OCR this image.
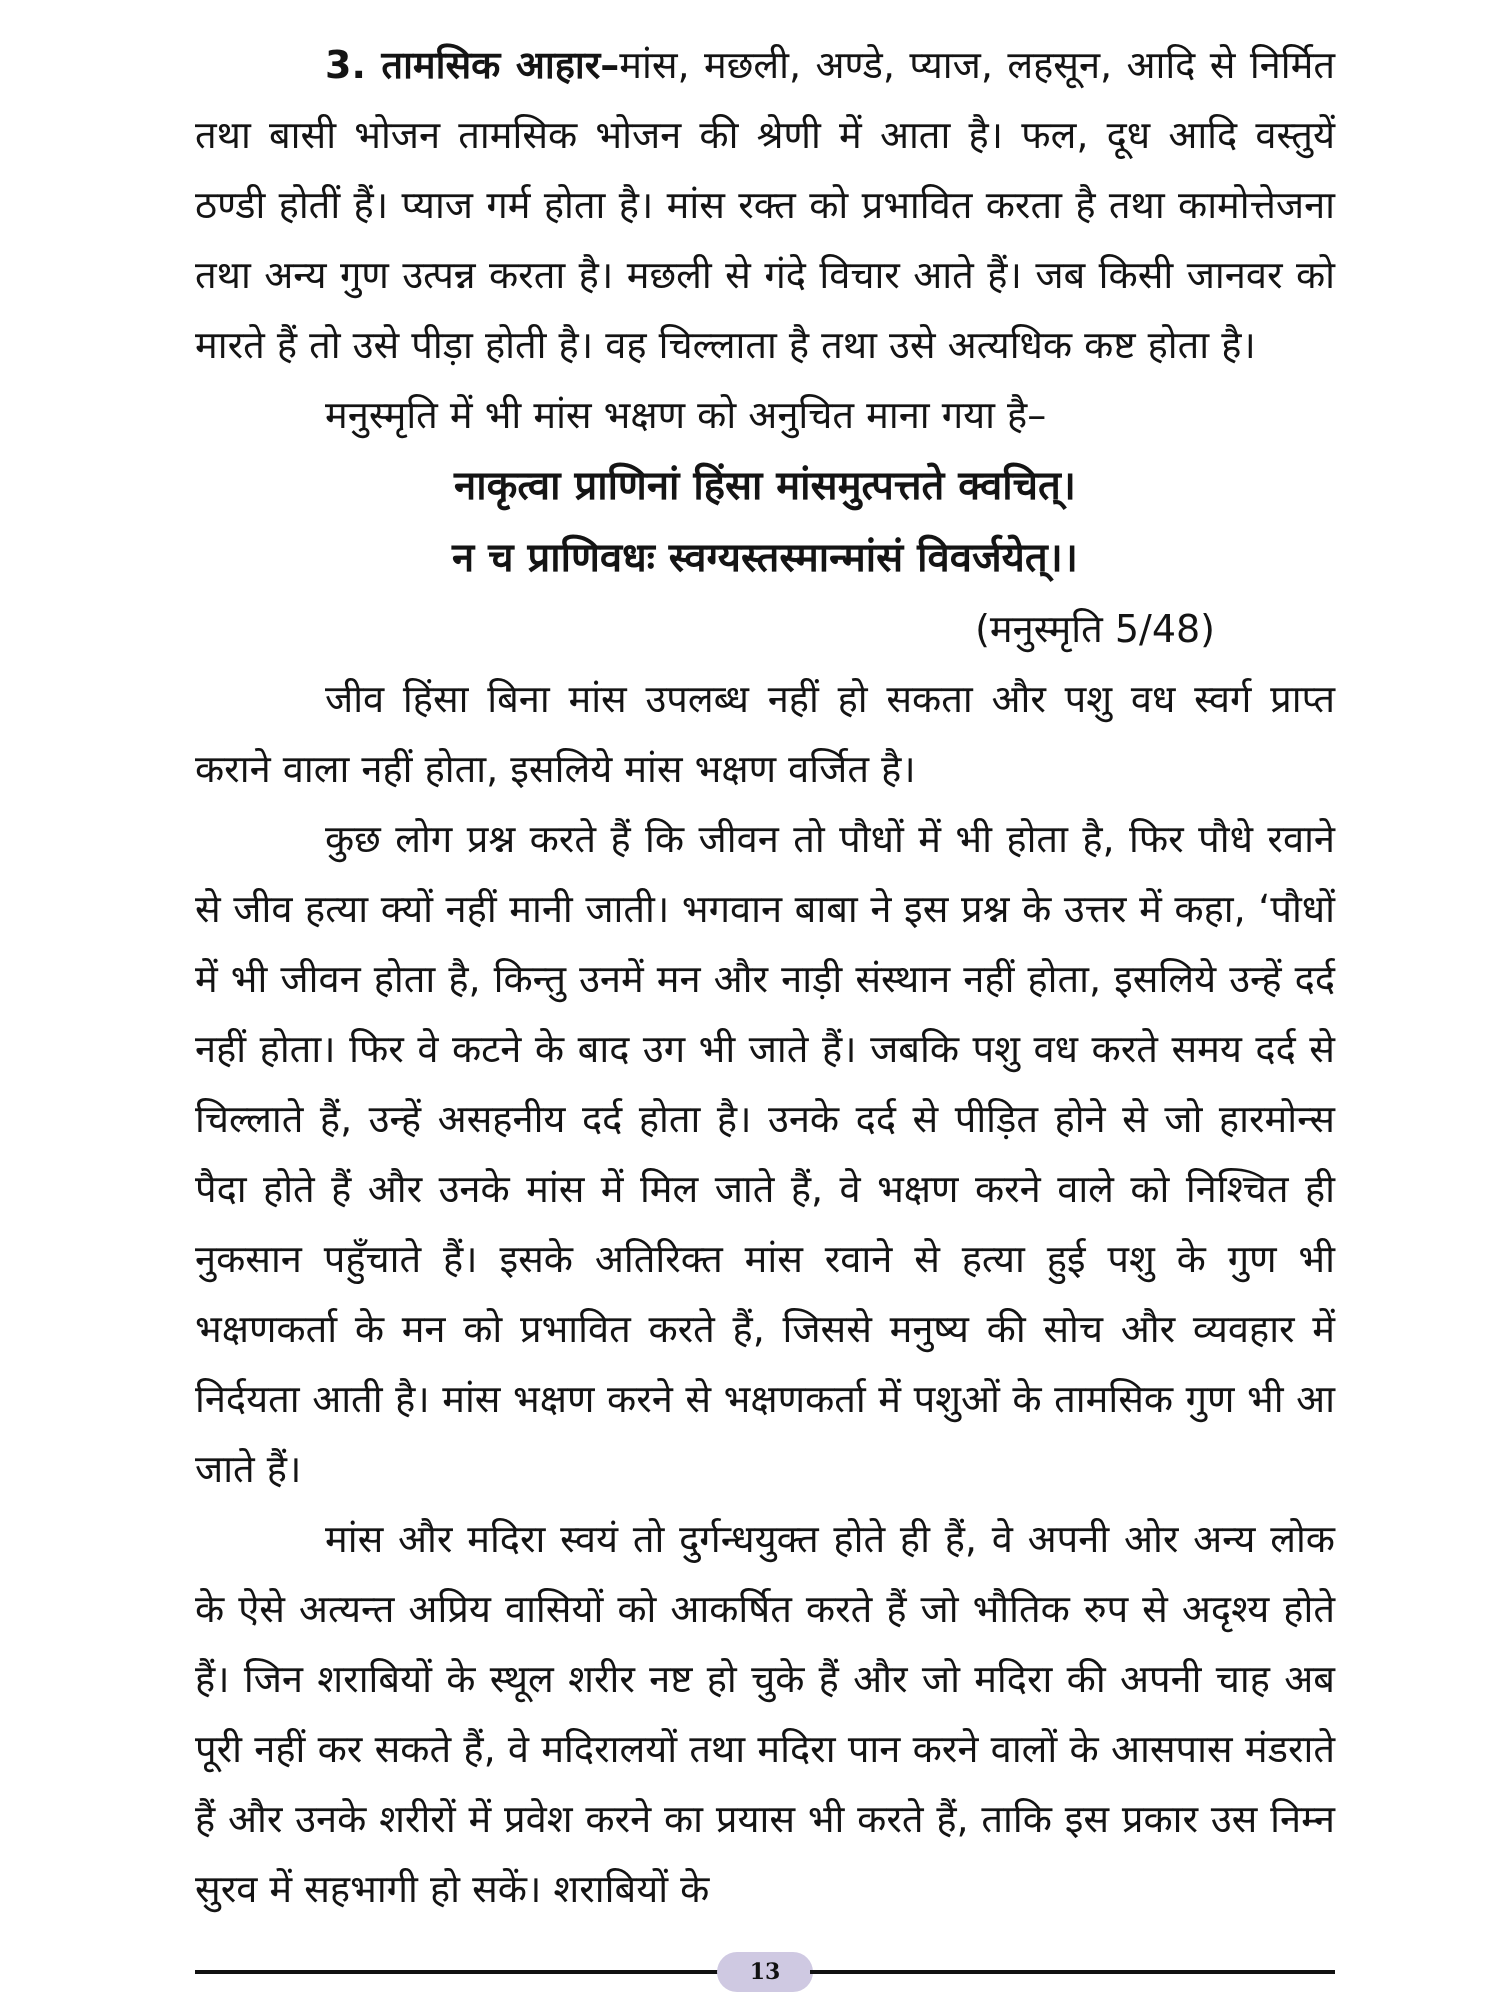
3. तामसिक आहार–मांस, मछली, अण्डे, प्याज, लहसून, आदि से निर्मित तथा बासी भोजन तामसिक भोजन की श्रेणी में आता है। फल, दूध आदि वस्तुयें ठण्डी होतीं हैं। प्याज गर्म होता है। मांस रक्त को प्रभावित करता है तथा कामोत्तेजना तथा अन्य गुण उत्पन्न करता है। मछली से गंदे विचार आते हैं। जब किसी जानवर को मारते हैं तो उसे पीड़ा होती है। वह चिल्लाता है तथा उसे अत्यधिक कष्ट होता है।

मनुस्मृति में भी मांस भक्षण को अनुचित माना गया है–

नाकृत्वा प्राणिनां हिंसा मांसमुत्पत्तते क्वचित्।

न च प्राणिवधः स्वग्यस्तस्मान्मांसं विवर्जयेत्।।

(मनुस्मृति 5/48)

जीव हिंसा बिना मांस उपलब्ध नहीं हो सकता और पशु वध स्वर्ग प्राप्त कराने वाला नहीं होता, इसलिये मांस भक्षण वर्जित है।

कुछ लोग प्रश्न करते हैं कि जीवन तो पौधों में भी होता है, फिर पौधे रवाने से जीव हत्या क्यों नहीं मानी जाती। भगवान बाबा ने इस प्रश्न के उत्तर में कहा, ‘पौधों में भी जीवन होता है, किन्तु उनमें मन और नाड़ी संस्थान नहीं होता, इसलिये उन्हें दर्द नहीं होता। फिर वे कटने के बाद उग भी जाते हैं। जबकि पशु वध करते समय दर्द से चिल्लाते हैं, उन्हें असहनीय दर्द होता है। उनके दर्द से पीड़ित होने से जो हारमोन्स पैदा होते हैं और उनके मांस में मिल जाते हैं, वे भक्षण करने वाले को निश्चित ही नुकसान पहुँचाते हैं। इसके अतिरिक्त मांस रवाने से हत्या हुई पशु के गुण भी भक्षणकर्ता के मन को प्रभावित करते हैं, जिससे मनुष्य की सोच और व्यवहार में निर्दयता आती है। मांस भक्षण करने से भक्षणकर्ता में पशुओं के तामसिक गुण भी आ जाते हैं।

मांस और मदिरा स्वयं तो दुर्गन्धयुक्त होते ही हैं, वे अपनी ओर अन्य लोक के ऐसे अत्यन्त अप्रिय वासियों को आकर्षित करते हैं जो भौतिक रुप से अदृश्य होते हैं। जिन शराबियों के स्थूल शरीर नष्ट हो चुके हैं और जो मदिरा की अपनी चाह अब पूरी नहीं कर सकते हैं, वे मदिरालयों तथा मदिरा पान करने वालों के आसपास मंडराते हैं और उनके शरीरों में प्रवेश करने का प्रयास भी करते हैं, ताकि इस प्रकार उस निम्न सुरव में सहभागी हो सकें। शराबियों के

13
